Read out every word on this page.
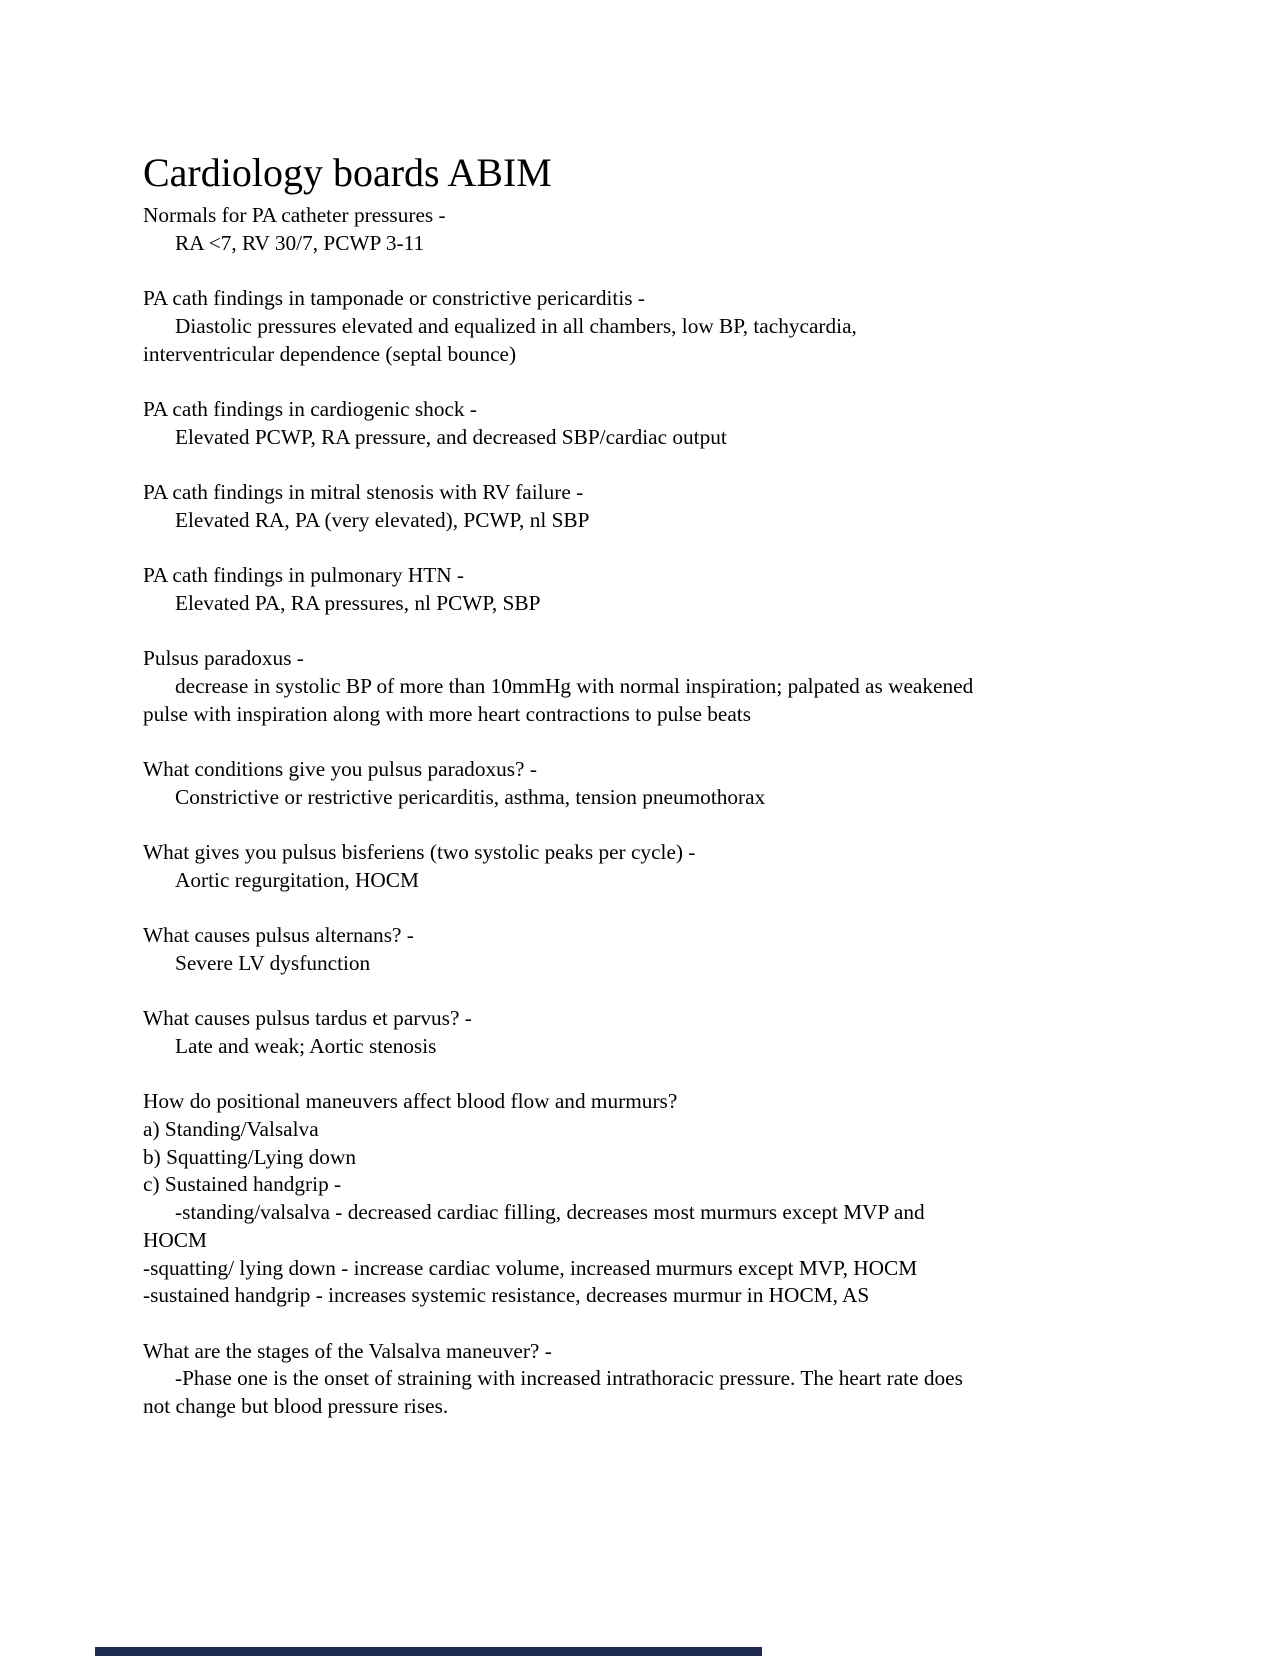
Cardiology boards ABIM
Normals for PA catheter pressures -
RA <7, RV 30/7, PCWP 3-11
PA cath findings in tamponade or constrictive pericarditis -
Diastolic pressures elevated and equalized in all chambers, low BP, tachycardia,
interventricular dependence (septal bounce)
PA cath findings in cardiogenic shock -
Elevated PCWP, RA pressure, and decreased SBP/cardiac output
PA cath findings in mitral stenosis with RV failure -
Elevated RA, PA (very elevated), PCWP, nl SBP
PA cath findings in pulmonary HTN -
Elevated PA, RA pressures, nl PCWP, SBP
Pulsus paradoxus -
decrease in systolic BP of more than 10mmHg with normal inspiration; palpated as weakened
pulse with inspiration along with more heart contractions to pulse beats
What conditions give you pulsus paradoxus? -
Constrictive or restrictive pericarditis, asthma, tension pneumothorax
What gives you pulsus bisferiens (two systolic peaks per cycle) -
Aortic regurgitation, HOCM
What causes pulsus alternans? -
Severe LV dysfunction
What causes pulsus tardus et parvus? -
Late and weak; Aortic stenosis
How do positional maneuvers affect blood flow and murmurs?
a) Standing/Valsalva
b) Squatting/Lying down
c) Sustained handgrip -
-standing/valsalva - decreased cardiac filling, decreases most murmurs except MVP and
HOCM
-squatting/ lying down - increase cardiac volume, increased murmurs except MVP, HOCM
-sustained handgrip - increases systemic resistance, decreases murmur in HOCM, AS
What are the stages of the Valsalva maneuver? -
-Phase one is the onset of straining with increased intrathoracic pressure. The heart rate does
not change but blood pressure rises.
